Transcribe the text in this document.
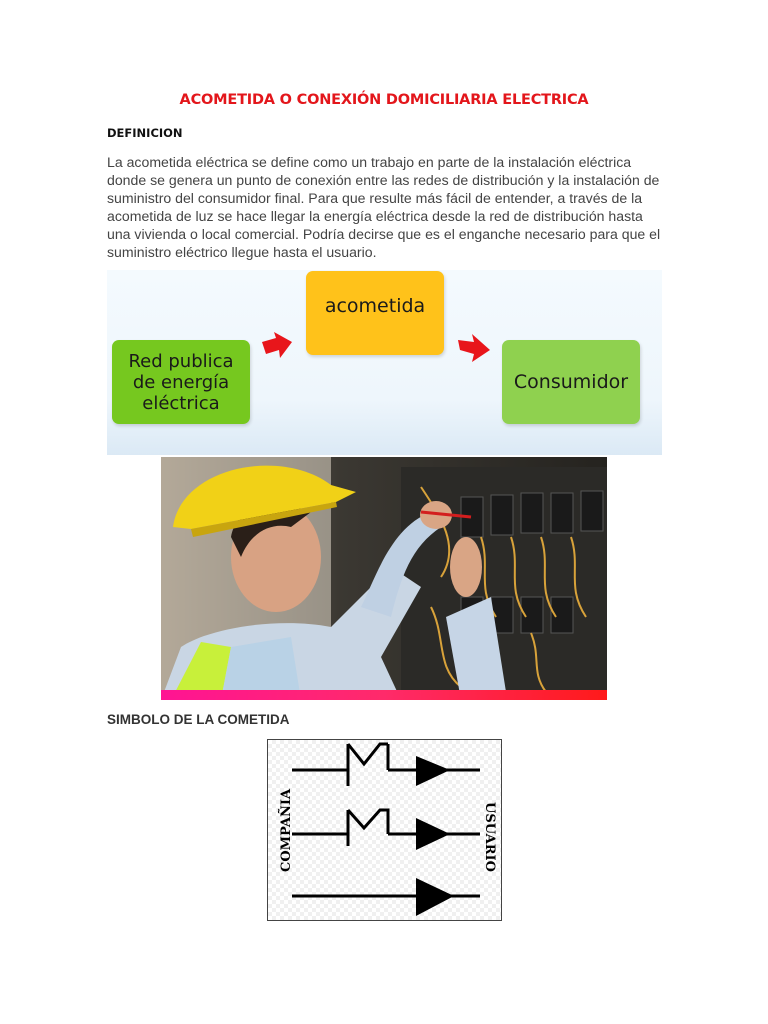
ACOMETIDA O CONEXIÓN DOMICILIARIA ELECTRICA
DEFINICION
La acometida eléctrica se define como un trabajo en parte de la instalación eléctrica donde se genera un punto de conexión entre las redes de distribución y la instalación de suministro del consumidor final. Para que resulte más fácil de entender, a través de la acometida de luz se hace llegar la energía eléctrica desde la red de distribución hasta una vivienda o local comercial. Podría decirse que es el enganche necesario para que el suministro eléctrico llegue hasta el usuario.
Red publica
de energía
eléctrica
acometida
Consumidor
SIMBOLO DE LA COMETIDA
COMPAÑIA	USUARIO
